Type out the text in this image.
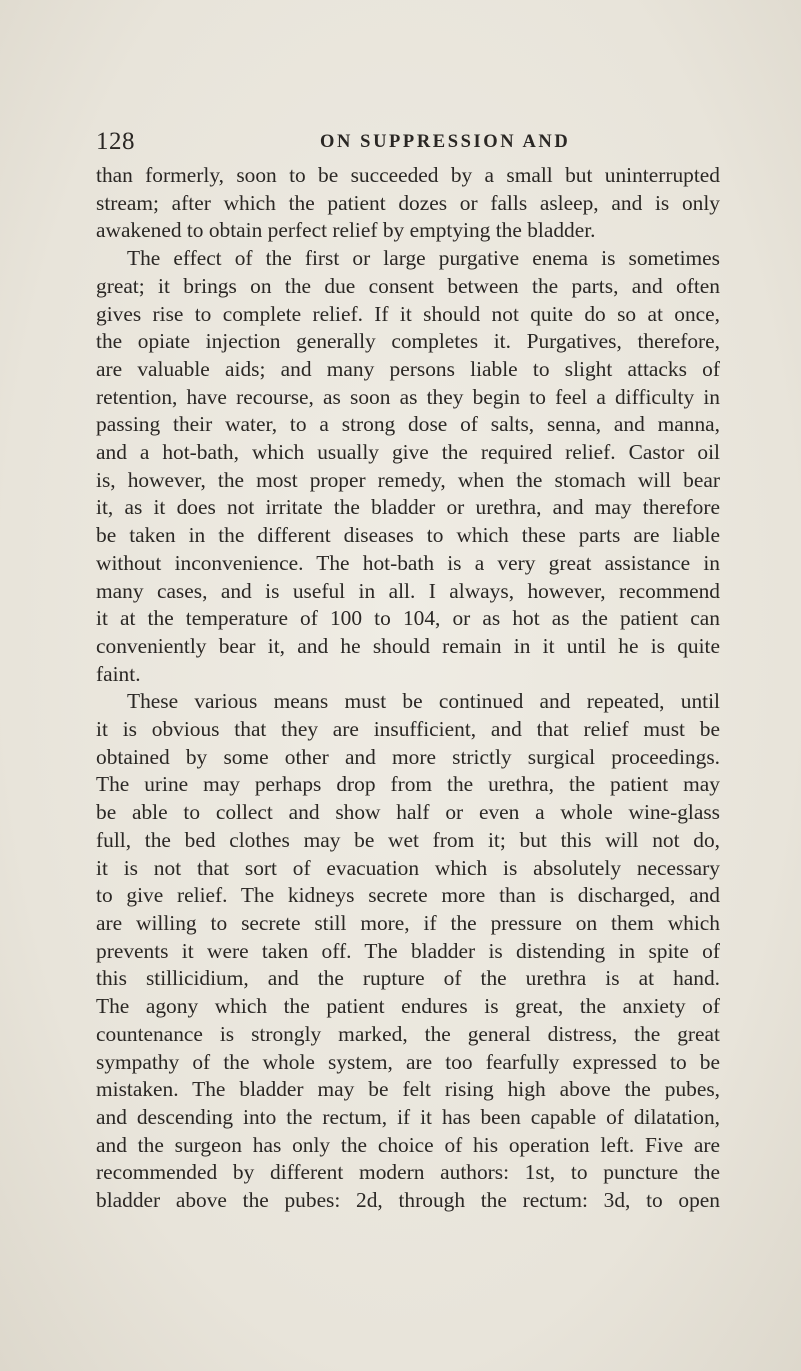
128	ON SUPPRESSION AND
than formerly, soon to be succeeded by a small but uninterrupted
stream; after which the patient dozes or falls asleep, and is only
awakened to obtain perfect relief by emptying the bladder.
The effect of the first or large purgative enema is sometimes
great; it brings on the due consent between the parts, and often
gives rise to complete relief. If it should not quite do so at once,
the opiate injection generally completes it. Purgatives, therefore,
are valuable aids; and many persons liable to slight attacks of
retention, have recourse, as soon as they begin to feel a difficulty in
passing their water, to a strong dose of salts, senna, and manna,
and a hot-bath, which usually give the required relief. Castor oil
is, however, the most proper remedy, when the stomach will bear
it, as it does not irritate the bladder or urethra, and may therefore
be taken in the different diseases to which these parts are liable
without inconvenience. The hot-bath is a very great assistance in
many cases, and is useful in all. I always, however, recommend
it at the temperature of 100 to 104, or as hot as the patient can
conveniently bear it, and he should remain in it until he is quite
faint.
These various means must be continued and repeated, until
it is obvious that they are insufficient, and that relief must be
obtained by some other and more strictly surgical proceedings.
The urine may perhaps drop from the urethra, the patient may
be able to collect and show half or even a whole wine-glass
full, the bed clothes may be wet from it; but this will not do,
it is not that sort of evacuation which is absolutely necessary
to give relief. The kidneys secrete more than is discharged, and
are willing to secrete still more, if the pressure on them which
prevents it were taken off. The bladder is distending in spite of
this stillicidium, and the rupture of the urethra is at hand.
The agony which the patient endures is great, the anxiety of
countenance is strongly marked, the general distress, the great
sympathy of the whole system, are too fearfully expressed to be
mistaken. The bladder may be felt rising high above the pubes,
and descending into the rectum, if it has been capable of dilatation,
and the surgeon has only the choice of his operation left. Five are
recommended by different modern authors: 1st, to puncture the
bladder above the pubes: 2d, through the rectum: 3d, to open
